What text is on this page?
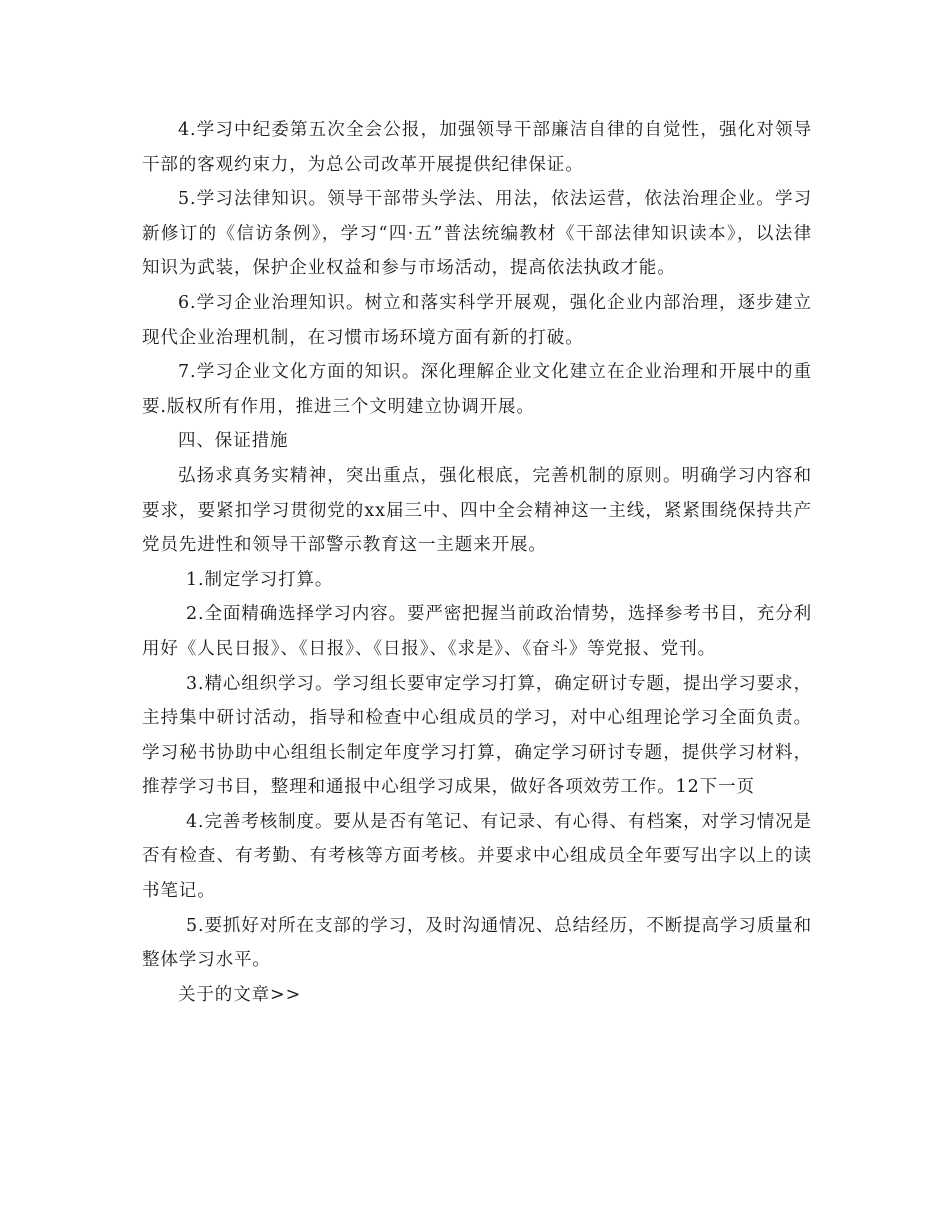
4.学习中纪委第五次全会公报，加强领导干部廉洁自律的自觉性，强化对领导干部的客观约束力，为总公司改革开展提供纪律保证。

5.学习法律知识。领导干部带头学法、用法，依法运营，依法治理企业。学习新修订的《信访条例》，学习“四·五”普法统编教材《干部法律知识读本》，以法律知识为武装，保护企业权益和参与市场活动，提高依法执政才能。

6.学习企业治理知识。树立和落实科学开展观，强化企业内部治理，逐步建立现代企业治理机制，在习惯市场环境方面有新的打破。

7.学习企业文化方面的知识。深化理解企业文化建立在企业治理和开展中的重要.版权所有作用，推进三个文明建立协调开展。

四、保证措施

弘扬求真务实精神，突出重点，强化根底，完善机制的原则。明确学习内容和要求，要紧扣学习贯彻党的xx届三中、四中全会精神这一主线，紧紧围绕保持共产党员先进性和领导干部警示教育这一主题来开展。

1.制定学习打算。

2.全面精确选择学习内容。要严密把握当前政治情势，选择参考书目，充分利用好《人民日报》、《日报》、《日报》、《求是》、《奋斗》等党报、党刊。

3.精心组织学习。学习组长要审定学习打算，确定研讨专题，提出学习要求，主持集中研讨活动，指导和检查中心组成员的学习，对中心组理论学习全面负责。学习秘书协助中心组组长制定年度学习打算，确定学习研讨专题，提供学习材料，推荐学习书目，整理和通报中心组学习成果，做好各项效劳工作。12下一页

4.完善考核制度。要从是否有笔记、有记录、有心得、有档案，对学习情况是否有检查、有考勤、有考核等方面考核。并要求中心组成员全年要写出字以上的读书笔记。

5.要抓好对所在支部的学习，及时沟通情况、总结经历，不断提高学习质量和整体学习水平。

关于的文章>>
